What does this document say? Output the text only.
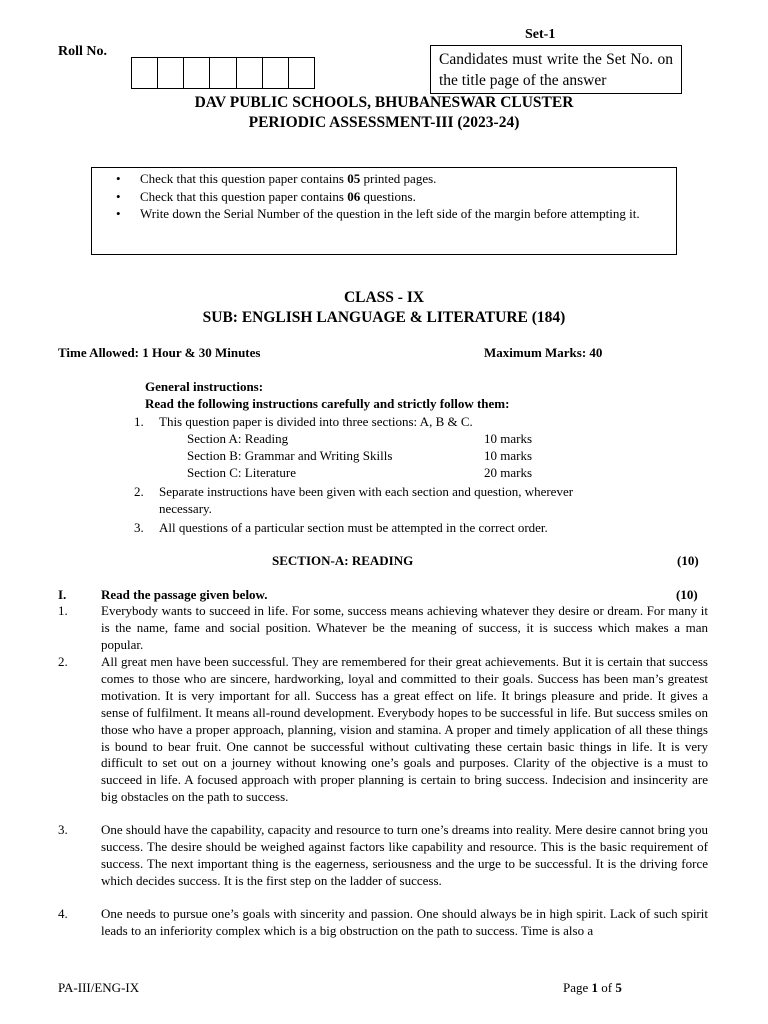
Set-1
Roll No.	Candidates must write the Set No. on the title page of the answer
DAV PUBLIC SCHOOLS, BHUBANESWAR CLUSTER
PERIODIC ASSESSMENT-III (2023-24)
• Check that this question paper contains 05 printed pages.
• Check that this question paper contains 06 questions.
• Write down the Serial Number of the question in the left side of the margin before attempting it.
CLASS - IX
SUB: ENGLISH LANGUAGE & LITERATURE (184)
Time Allowed: 1 Hour & 30 Minutes	Maximum Marks: 40
General instructions:
Read the following instructions carefully and strictly follow them:
1.	This question paper is divided into three sections: A, B & C.
Section A: Reading	10 marks
Section B: Grammar and Writing Skills	10 marks
Section C: Literature	20 marks
2.	Separate instructions have been given with each section and question, wherever necessary.
3.	All questions of a particular section must be attempted in the correct order.
SECTION-A: READING	(10)
I.	Read the passage given below.	(10)
1.	Everybody wants to succeed in life. For some, success means achieving whatever they desire or dream. For many it is the name, fame and social position. Whatever be the meaning of success, it is success which makes a man popular.
2.	All great men have been successful. They are remembered for their great achievements. But it is certain that success comes to those who are sincere, hardworking, loyal and committed to their goals. Success has been man’s greatest motivation. It is very important for all. Success has a great effect on life. It brings pleasure and pride. It gives a sense of fulfilment. It means all-round development. Everybody hopes to be successful in life. But success smiles on those who have a proper approach, planning, vision and stamina. A proper and timely application of all these things is bound to bear fruit. One cannot be successful without cultivating these certain basic things in life. It is very difficult to set out on a journey without knowing one’s goals and purposes. Clarity of the objective is a must to succeed in life. A focused approach with proper planning is certain to bring success. Indecision and insincerity are big obstacles on the path to success.
3.	One should have the capability, capacity and resource to turn one’s dreams into reality. Mere desire cannot bring you success. The desire should be weighed against factors like capability and resource. This is the basic requirement of success. The next important thing is the eagerness, seriousness and the urge to be successful. It is the driving force which decides success. It is the first step on the ladder of success.
4.	One needs to pursue one’s goals with sincerity and passion. One should always be in high spirit. Lack of such spirit leads to an inferiority complex which is a big obstruction on the path to success. Time is also a
PA-III/ENG-IX	Page 1 of 5
